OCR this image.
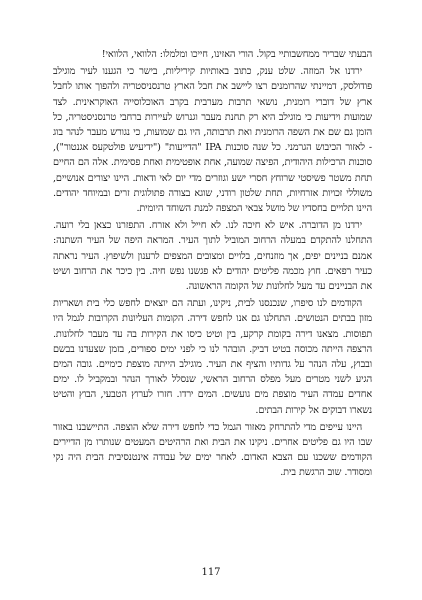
הבעתי שבריר ממחשבותיי בקול. הורי האזינו, חייכו ומלמלו: הלוואי, הלוואי!

ירדנו אל המוזה. שלט ענק, כתוב באותיות קיריליות, בישר כי הגענו לעיר מוגילב פודולסק, דמיינתי שהרומנים רצו ליישב את חבל הארץ טרנסניסטריה ולהפוך אותו לחבל ארץ של דוברי רומנית, נושאי תרבות מערבית בקרב האוכלוסייה האוקראינית. לצד שמועות וידיעות כי מוגילב היא רק תחנת מעבר וגנרוש לעיירות ברחבי טרנסניסטריה, כל הזמן גם שם את השפה הרומנית ואת תרבותה, היו גם שמועות, כי נגורש מעבר לנהר בוג - לאזור הכיבוש הגרמני. כל שנה סוכנות IPA "הדייעות" ("ידיעיש פולטקעס אגנטור"), סוכנות הרכילות היהודית, הפיצה שמועה, אחת אופטימית ואחת פסימית. אלה הם החיים תחת משטר פשיסטי שרוחץ חסרי ישע וגוזרים מדי יום לאי ודאות. היינו יצורים אנושיים, משוללי זכויות אזרחיות, תחת שלטון רודני, שוגא בצורה פתולוגית זרים ובמיוחד יהודים. היינו תלויים בחסדיו של מושל צבאי המצפה למנת השוחד היומית.

ירדנו מן הדוברה. איש לא חיכה לנו. לא חייל ולא אזרח. התפזרנו כצאן בלי רועה. התחלנו להתקדם במעלה הרחוב המוביל לתוך העיר. המראה היפה של העיר השתנה: אמנם בניינים יפים, אך מוזנחים, בלויים ומצובים המצפים לרענון ולשיפוץ. העיר נראתה כעיר רפאים. חוץ מכמה פליטים יהודים לא פגשנו נפש חיה. בין כיכר את הרחוב ושיט את הבניינים עד מעל לחלונות של הקומה הראשונה.

הקודמים לנו סיפרו, שנכנסנו לבית, ניקינו, ועתה הם יוצאים לחפש כלי בית ושאריות מזון בבתים הנטושים. התחלנו גם אנו לחפש דירה. הקומות העליונות הקרובות לגמל היו תפוסות. מצאנו דירה בקומת קרקע, בין וטיט כיסו את הקירות בה עד מעבר לחלונות. הרצפה הייתה מכוסה בטיט דביק. הובהר לנו כי לפני ימים ספורים, בזמן שצעדנו בבשם ובבוץ, עלה הנהר על גדותיו והציף את העיר. מוגילב הייתה מוצפת כימיים. גובה המים הגיע לשני מטרים מעל מפלס הרחוב הראשי, שנסלל לאורך הנהר ובמקביל לו. ימים אחדים עמדה העיר מוצפת מים גועשים. המים ירדו. חזרו לערוץ הטבעי, הבוץ והטיט נשארו דבוקים אל קירות הבתים.

היינו עייפים מדי להתרחק מאזור הגמל כדי לחפש דירה שלא הוצפה. התיישבנו באזור שבו היו גם פליטים אחרים. ניקינו את הבית ואת הרהיטים המעטים שנותרו מן הדיירים הקודמים ששכנו עם הצבא האדום. לאחר ימים של עבודה אינטנסיבית הבית היה נקי ומסודר. שוב הרגשת בית.

117
